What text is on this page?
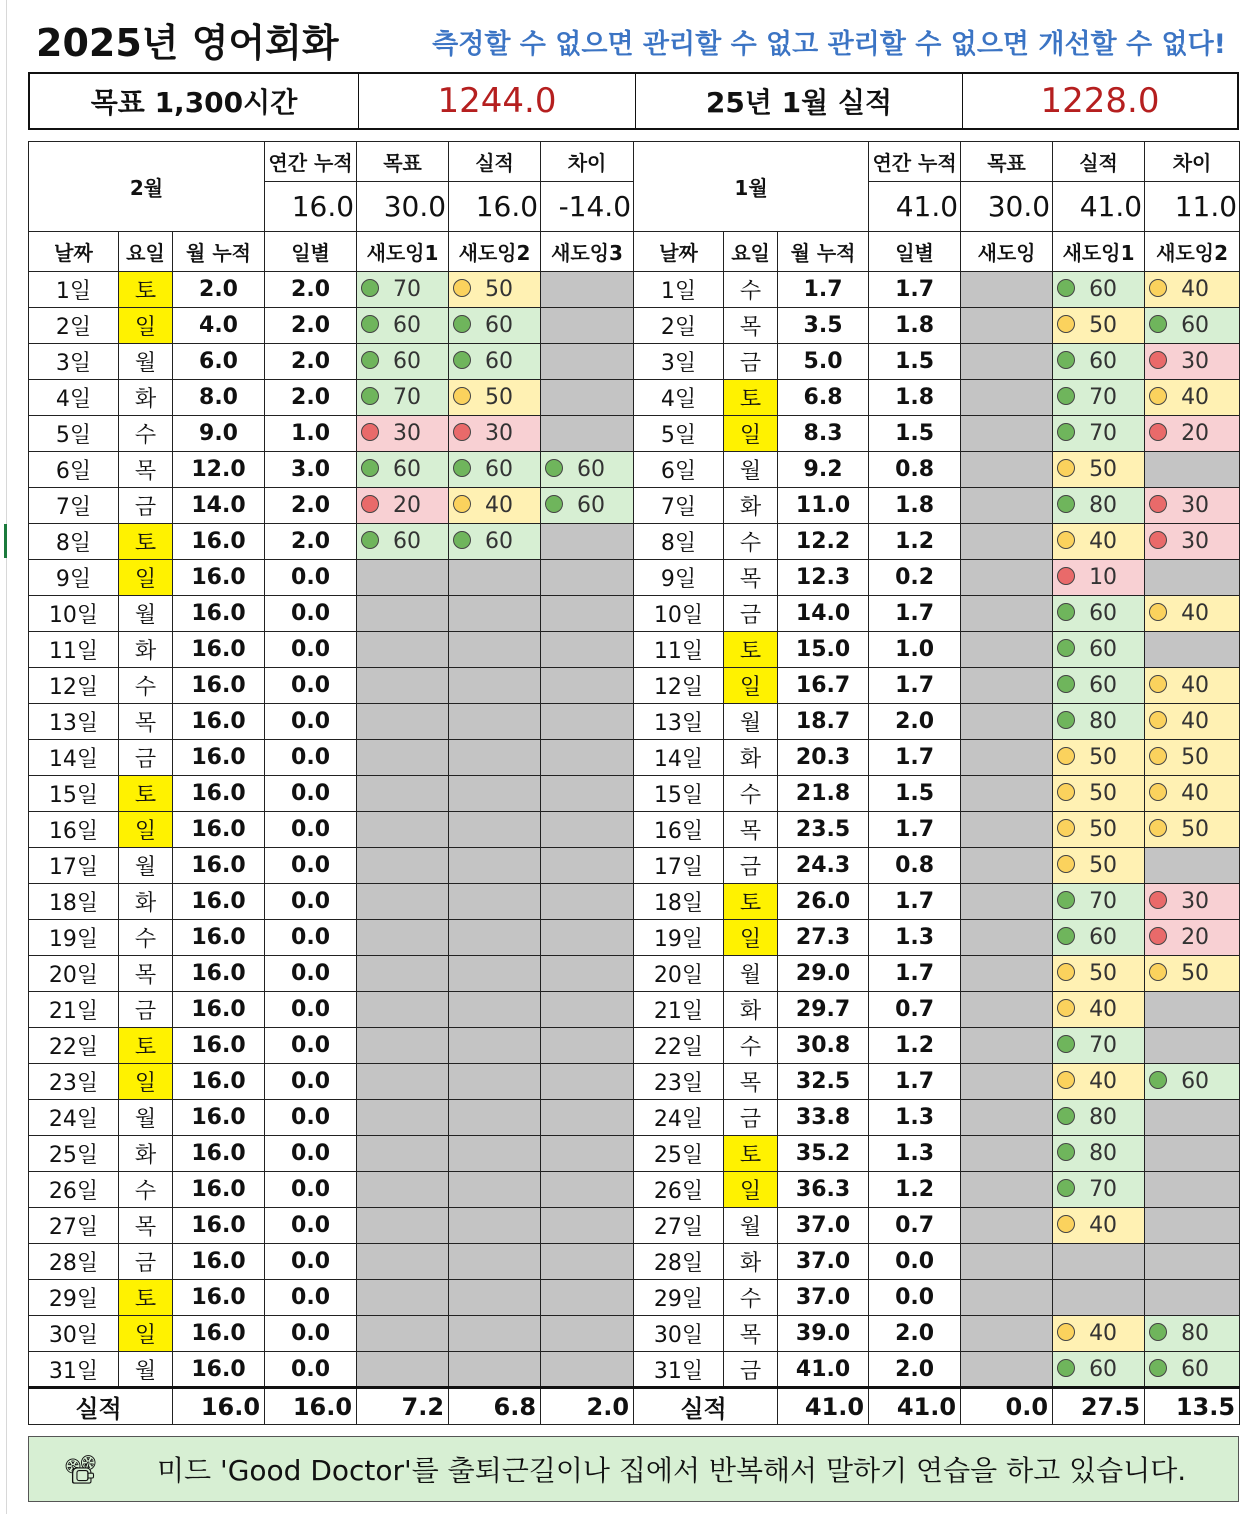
2025년 영어회화	측정할 수 없으면 관리할 수 없고 관리할 수 없으면 개선할 수 없다!
목표 1,300시간	1244.0	25년 1월 실적	1228.0
2월			연간 누적	목표	실적	차이	1월			연간 누적	목표	실적	차이
			16.0	30.0	16.0	-14.0				41.0	30.0	41.0	11.0
날짜	요일	월 누적	일별	새도잉1	새도잉2	새도잉3	날짜	요일	월 누적	일별	새도잉	새도잉1	새도잉2
1일	토	2.0	2.0	70	50		1일	수	1.7	1.7		60	40
2일	일	4.0	2.0	60	60		2일	목	3.5	1.8		50	60
3일	월	6.0	2.0	60	60		3일	금	5.0	1.5		60	30
4일	화	8.0	2.0	70	50		4일	토	6.8	1.8		70	40
5일	수	9.0	1.0	30	30		5일	일	8.3	1.5		70	20
6일	목	12.0	3.0	60	60	60	6일	월	9.2	0.8		50	
7일	금	14.0	2.0	20	40	60	7일	화	11.0	1.8		80	30
8일	토	16.0	2.0	60	60		8일	수	12.2	1.2		40	30
9일	일	16.0	0.0				9일	목	12.3	0.2		10	
10일	월	16.0	0.0				10일	금	14.0	1.7		60	40
11일	화	16.0	0.0				11일	토	15.0	1.0		60	
12일	수	16.0	0.0				12일	일	16.7	1.7		60	40
13일	목	16.0	0.0				13일	월	18.7	2.0		80	40
14일	금	16.0	0.0				14일	화	20.3	1.7		50	50
15일	토	16.0	0.0				15일	수	21.8	1.5		50	40
16일	일	16.0	0.0				16일	목	23.5	1.7		50	50
17일	월	16.0	0.0				17일	금	24.3	0.8		50	
18일	화	16.0	0.0				18일	토	26.0	1.7		70	30
19일	수	16.0	0.0				19일	일	27.3	1.3		60	20
20일	목	16.0	0.0				20일	월	29.0	1.7		50	50
21일	금	16.0	0.0				21일	화	29.7	0.7		40	
22일	토	16.0	0.0				22일	수	30.8	1.2		70	
23일	일	16.0	0.0				23일	목	32.5	1.7		40	60
24일	월	16.0	0.0				24일	금	33.8	1.3		80	
25일	화	16.0	0.0				25일	토	35.2	1.3		80	
26일	수	16.0	0.0				26일	일	36.3	1.2		70	
27일	목	16.0	0.0				27일	월	37.0	0.7		40	
28일	금	16.0	0.0				28일	화	37.0	0.0			
29일	토	16.0	0.0				29일	수	37.0	0.0			
30일	일	16.0	0.0				30일	목	39.0	2.0		40	80
31일	월	16.0	0.0				31일	금	41.0	2.0		60	60
실적		16.0	16.0	7.2	6.8	2.0	실적		41.0	41.0	0.0	27.5	13.5
📽	미드 'Good Doctor'를 출퇴근길이나 집에서 반복해서 말하기 연습을 하고 있습니다.
